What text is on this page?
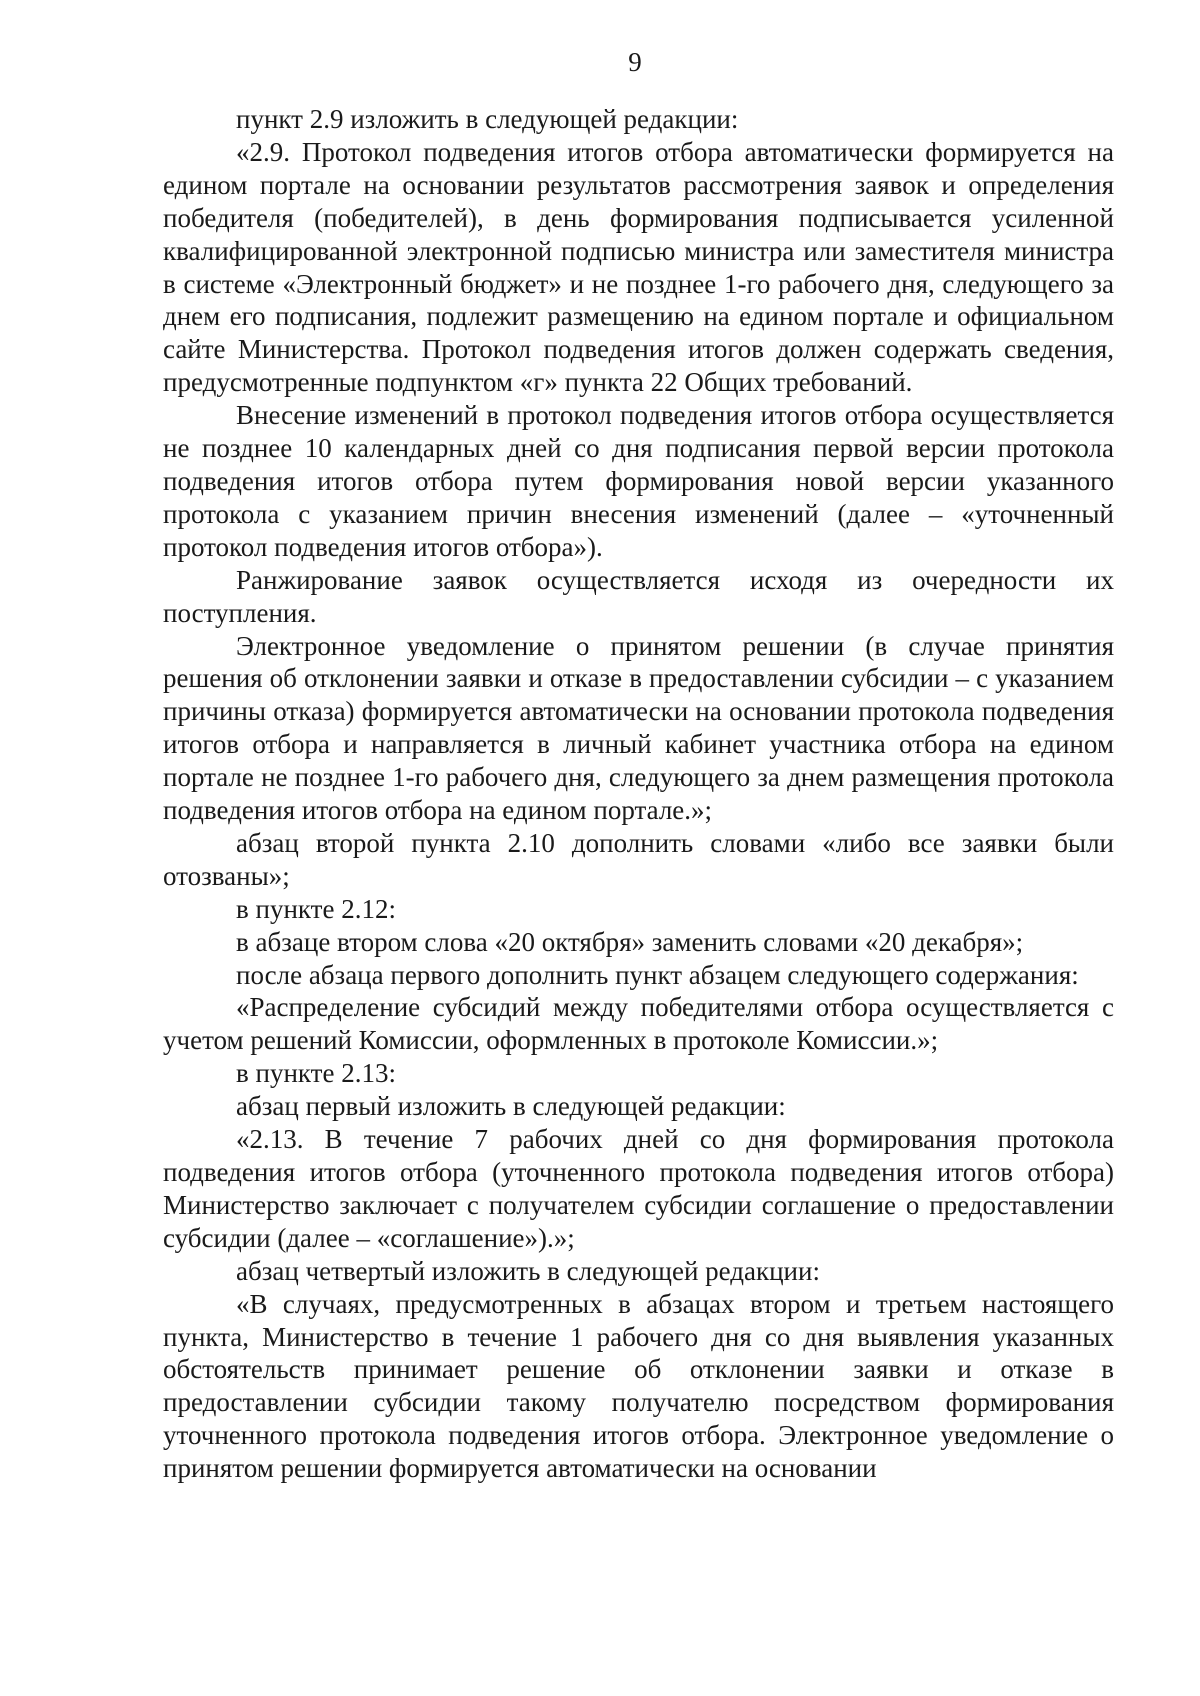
9

пункт 2.9 изложить в следующей редакции:

«2.9. Протокол подведения итогов отбора автоматически формируется на едином портале на основании результатов рассмотрения заявок и определения победителя (победителей), в день формирования подписывается усиленной квалифицированной электронной подписью министра или заместителя министра в системе «Электронный бюджет» и не позднее 1-го рабочего дня, следующего за днем его подписания, подлежит размещению на едином портале и официальном сайте Министерства. Протокол подведения итогов должен содержать сведения, предусмотренные подпунктом «г» пункта 22 Общих требований.

Внесение изменений в протокол подведения итогов отбора осуществляется не позднее 10 календарных дней со дня подписания первой версии протокола подведения итогов отбора путем формирования новой версии указанного протокола с указанием причин внесения изменений (далее – «уточненный протокол подведения итогов отбора»).

Ранжирование заявок осуществляется исходя из очередности их поступления.

Электронное уведомление о принятом решении (в случае принятия решения об отклонении заявки и отказе в предоставлении субсидии – с указанием причины отказа) формируется автоматически на основании протокола подведения итогов отбора и направляется в личный кабинет участника отбора на едином портале не позднее 1-го рабочего дня, следующего за днем размещения протокола подведения итогов отбора на едином портале.»;

абзац второй пункта 2.10 дополнить словами «либо все заявки были отозваны»;

в пункте 2.12:

в абзаце втором слова «20 октября» заменить словами «20 декабря»;

после абзаца первого дополнить пункт абзацем следующего содержания:

«Распределение субсидий между победителями отбора осуществляется с учетом решений Комиссии, оформленных в протоколе Комиссии.»;

в пункте 2.13:

абзац первый изложить в следующей редакции:

«2.13. В течение 7 рабочих дней со дня формирования протокола подведения итогов отбора (уточненного протокола подведения итогов отбора) Министерство заключает с получателем субсидии соглашение о предоставлении субсидии (далее – «соглашение»).»;

абзац четвертый изложить в следующей редакции:

«В случаях, предусмотренных в абзацах втором и третьем настоящего пункта, Министерство в течение 1 рабочего дня со дня выявления указанных обстоятельств принимает решение об отклонении заявки и отказе в предоставлении субсидии такому получателю посредством формирования уточненного протокола подведения итогов отбора. Электронное уведомление о принятом решении формируется автоматически на основании
